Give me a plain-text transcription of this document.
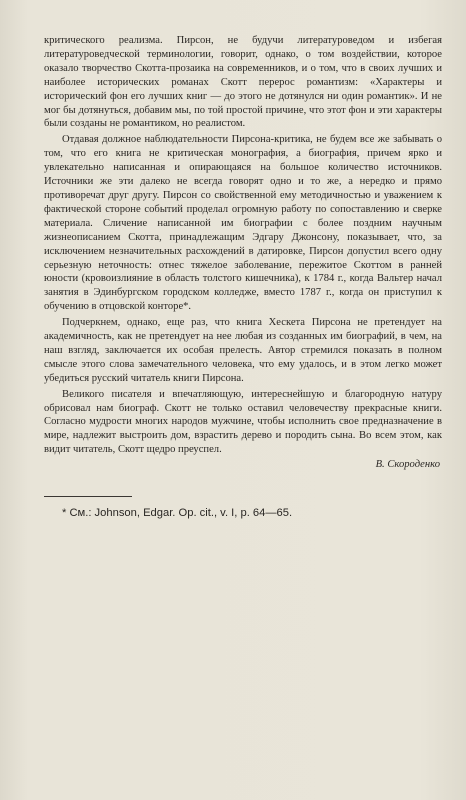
критического реализма. Пирсон, не будучи литературоведом и избегая литературоведческой терминологии, говорит, однако, о том воздействии, которое оказало творчество Скотта-прозаика на современников, и о том, что в своих лучших и наиболее исторических романах Скотт перерос романтизм: «Характеры и исторический фон его лучших книг — до этого не дотянулся ни один романтик». И не мог бы дотянуться, добавим мы, по той простой причине, что этот фон и эти характеры были созданы не романтиком, но реалистом.

Отдавая должное наблюдательности Пирсона-критика, не будем все же забывать о том, что его книга не критическая монография, а биография, причем ярко и увлекательно написанная и опирающаяся на большое количество источников. Источники же эти далеко не всегда говорят одно и то же, а нередко и прямо противоречат друг другу. Пирсон со свойственной ему методичностью и уважением к фактической стороне событий проделал огромную работу по сопоставлению и сверке материала. Сличение написанной им биографии с более поздним научным жизнеописанием Скотта, принадлежащим Эдгару Джонсону, показывает, что, за исключением незначительных расхождений в датировке, Пирсон допустил всего одну серьезную неточность: отнес тяжелое заболевание, пережитое Скоттом в ранней юности (кровоизлияние в область толстого кишечника), к 1784 г., когда Вальтер начал занятия в Эдинбургском городском колледже, вместо 1787 г., когда он приступил к обучению в отцовской конторе*.

Подчеркнем, однако, еще раз, что книга Хескета Пирсона не претендует на академичность, как не претендует на нее любая из созданных им биографий, в чем, на наш взгляд, заключается их особая прелесть. Автор стремился показать в полном смысле этого слова замечательного человека, что ему удалось, и в этом легко может убедиться русский читатель книги Пирсона.

Великого писателя и впечатляющую, интереснейшую и благородную натуру обрисовал нам биограф. Скотт не только оставил человечеству прекрасные книги. Согласно мудрости многих народов мужчине, чтобы исполнить свое предназначение в мире, надлежит выстроить дом, взрастить дерево и породить сына. Во всем этом, как видит читатель, Скотт щедро преуспел.

В. Скороденко
* См.: Johnson, Edgar. Op. cit., v. I, p. 64—65.
